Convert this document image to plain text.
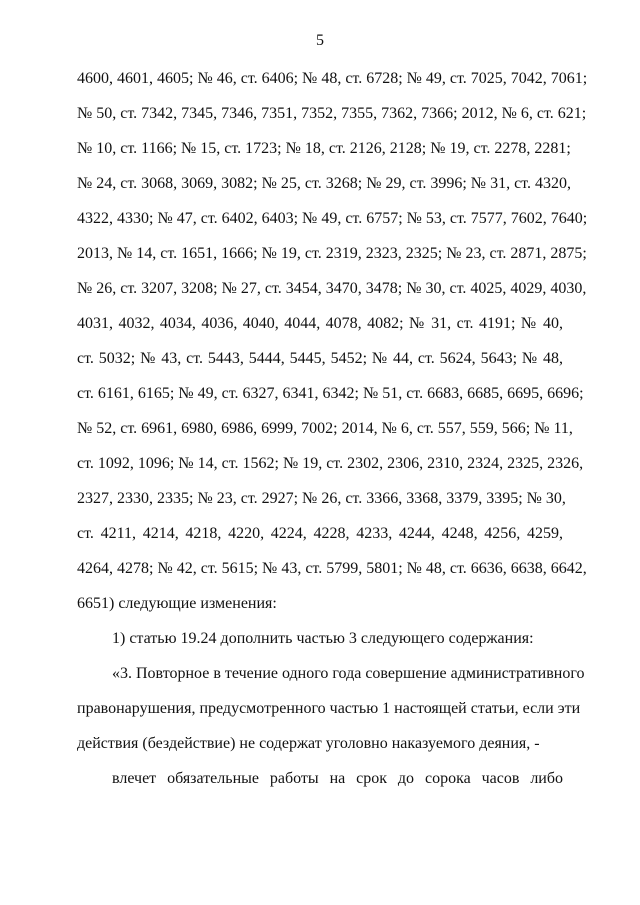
5
4600, 4601, 4605; № 46, ст. 6406; № 48, ст. 6728; № 49, ст. 7025, 7042, 7061;
№ 50, ст. 7342, 7345, 7346, 7351, 7352, 7355, 7362, 7366; 2012, № 6, ст. 621;
№ 10, ст. 1166; № 15, ст. 1723; № 18, ст. 2126, 2128; № 19, ст. 2278, 2281;
№ 24, ст. 3068, 3069, 3082; № 25, ст. 3268; № 29, ст. 3996; № 31, ст. 4320,
4322, 4330; № 47, ст. 6402, 6403; № 49, ст. 6757; № 53, ст. 7577, 7602, 7640;
2013, № 14, ст. 1651, 1666; № 19, ст. 2319, 2323, 2325; № 23, ст. 2871, 2875;
№ 26, ст. 3207, 3208; № 27, ст. 3454, 3470, 3478; № 30, ст. 4025, 4029, 4030,
4031, 4032, 4034, 4036, 4040, 4044, 4078, 4082; № 31, ст. 4191; № 40,
ст. 5032; № 43, ст. 5443, 5444, 5445, 5452; № 44, ст. 5624, 5643; № 48,
ст. 6161, 6165; № 49, ст. 6327, 6341, 6342; № 51, ст. 6683, 6685, 6695, 6696;
№ 52, ст. 6961, 6980, 6986, 6999, 7002; 2014, № 6, ст. 557, 559, 566; № 11,
ст. 1092, 1096; № 14, ст. 1562; № 19, ст. 2302, 2306, 2310, 2324, 2325, 2326,
2327, 2330, 2335; № 23, ст. 2927; № 26, ст. 3366, 3368, 3379, 3395; № 30,
ст. 4211, 4214, 4218, 4220, 4224, 4228, 4233, 4244, 4248, 4256, 4259,
4264, 4278; № 42, ст. 5615; № 43, ст. 5799, 5801; № 48, ст. 6636, 6638, 6642,
6651) следующие изменения:
1) статью 19.24 дополнить частью 3 следующего содержания:
«3. Повторное в течение одного года совершение административного
правонарушения, предусмотренного частью 1 настоящей статьи, если эти
действия (бездействие) не содержат уголовно наказуемого деяния, -
влечет обязательные работы на срок до сорока часов либо
